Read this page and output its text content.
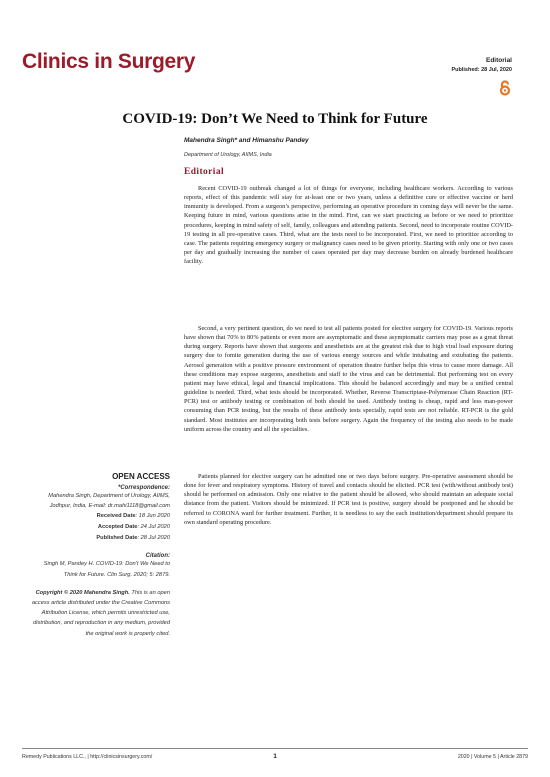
Clinics in Surgery	Editorial
Published: 28 Jul, 2020
COVID-19: Don’t We Need to Think for Future
Mahendra Singh* and Himanshu Pandey
Department of Urology, AIIMS, India
Editorial

Recent COVID-19 outbreak changed a lot of things for everyone, including healthcare workers. According to various reports, effect of this pandemic will stay for at-least one or two years, unless a definitive cure or effective vaccine or herd immunity is developed. From a surgeon’s perspective, performing an operative procedure in coming days will never be the same. Keeping future in mind, various questions arise in the mind. First, can we start practicing as before or we need to prioritize procedures, keeping in mind safety of self, family, colleagues and attending patients. Second, need to incorporate routine COVID-19 testing in all pre-operative cases. Third, what are the tests need to be incorporated. First, we need to prioritize according to case. The patients requiring emergency surgery or malignancy cases need to be given priority. Starting with only one or two cases per day and gradually increasing the number of cases operated per day may decrease burden on already burdened healthcare facility.

Second, a very pertinent question, do we need to test all patients posted for elective surgery for COVID-19. Various reports have shown that 70% to 80% patients or even more are asymptomatic and these asymptomatic carriers may pose as a great threat during surgery. Reports have shown that surgeons and anesthetists are at the greatest risk due to high viral load exposure during surgery due to fomite generation during the use of various energy sources and while intubating and extubating the patients. Aerosol generation with a positive pressure environment of operation theatre further helps this virus to cause more damage. All these conditions may expose surgeons, anesthetists and staff to the virus and can be detrimental. But performing test on every patient may have ethical, legal and financial implications. This should be balanced accordingly and may be a unified central guideline is needed. Third, what tests should be incorporated. Whether, Reverse Transcriptase-Polymerase Chain Reaction (RT-PCR) test or antibody testing or combination of both should be used. Antibody testing is cheap, rapid and less man-power consuming than PCR testing, but the results of these antibody tests specially, rapid tests are not reliable. RT-PCR is the gold standard. Most institutes are incorporating both tests before surgery. Again the frequency of the testing also needs to be made uniform across the country and all the specialties.

Patients planned for elective surgery can be admitted one or two days before surgery. Pre-operative assessment should be done for fever and respiratory symptoms. History of travel and contacts should be elicited. PCR test (with/without antibody test) should be performed on admission. Only one relative to the patient should be allowed, who should maintain an adequate social distance from the patient. Visitors should be minimized. If PCR test is positive, surgery should be postponed and he should be referred to CORONA ward for further treatment. Further, it is needless to say the each institution/department should prepare its own standard operating procedure.

OPEN ACCESS
*Correspondence:
Mahendra Singh, Department of Urology, AIIMS, Jodhpur, India, E-mail: dr.mahi1118@gmail.com
Received Date: 18 Jun 2020
Accepted Date: 24 Jul 2020
Published Date: 28 Jul 2020
Citation:
Singh M, Pandey H. COVID-19: Don’t We Need to Think for Future. Clin Surg. 2020; 5: 2879.
Copyright © 2020 Mahendra Singh. This is an open access article distributed under the Creative Commons Attribution License, which permits unrestricted use, distribution, and reproduction in any medium, provided the original work is properly cited.
Remedy Publications LLC., | http://clinicsinsurgery.com/	1	2020 | Volume 5 | Article 2879
